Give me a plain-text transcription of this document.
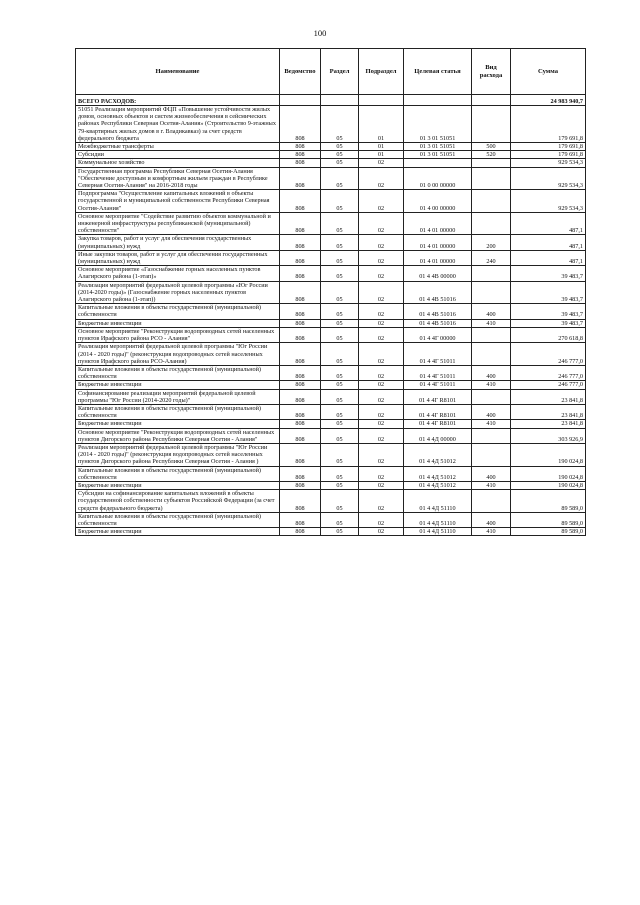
100
Наименование	Ведомство	Раздел	Подраздел	Целевая статья	Вид расхода	Сумма
ВСЕГО РАСХОДОВ:						24 983 940,7
51051 Реализация мероприятий ФЦП «Повышение устойчивости жилых домов, основных объектов и систем жизнеобеспечения в сейсмических районах Республики Северная Осетия-Алания» (Строительство 9-этажных 79-квартирных жилых домов в г. Владикавказ) за счет средств федерального бюджета	808	05	01	01 3 01 51051		179 691,8
Межбюджетные трансферты	808	05	01	01 3 01 51051	500	179 691,8
Субсидии	808	05	01	01 3 01 51051	520	179 691,8
Коммунальное хозяйство	808	05	02			929 534,3
Государственная программа Республики Северная Осетия-Алания "Обеспечение доступным и комфортным жильем граждан в Республике Северная Осетия-Алания" на 2016-2018 годы	808	05	02	01 0 00 00000		929 534,3
Подпрограмма "Осуществление капитальных вложений в объекты государственной и муниципальной собственности Республики Северная Осетия-Алания"	808	05	02	01 4 00 00000		929 534,3
Основное мероприятие "Содействие развитию объектов коммунальной и инженерной инфраструктуры республиканской (муниципальной) собственности"	808	05	02	01 4 01 00000		487,1
Закупка товаров, работ и услуг для обеспечения государственных (муниципальных) нужд	808	05	02	01 4 01 00000	200	487,1
Иные закупки товаров, работ и услуг для обеспечения государственных (муниципальных) нужд	808	05	02	01 4 01 00000	240	487,1
Основное мероприятие «Газоснабжение горных населенных пунктов Алагирского района (1-этап)»	808	05	02	01 4 4В 00000		39 483,7
Реализация мероприятий федеральной целевой программы «Юг России (2014-2020 годы)» (Газоснабжение горных населенных пунктов Алагирского района (1-этап))	808	05	02	01 4 4В 51016		39 483,7
Капитальные вложения в объекты государственной (муниципальной) собственности	808	05	02	01 4 4В 51016	400	39 483,7
Бюджетные инвестиции	808	05	02	01 4 4В 51016	410	39 483,7
Основное мероприятие "Реконструкция водопроводных сетей населенных пунктов Ирафского района РСО - Алания"	808	05	02	01 4 4Г 00000		270 618,8
Реализация мероприятий федеральной целевой программы "Юг России (2014 - 2020 годы)" (реконструкция водопроводных сетей населенных пунктов Ирафского района РСО-Алания)	808	05	02	01 4 4Г 51011		246 777,0
Капитальные вложения в объекты государственной (муниципальной) собственности	808	05	02	01 4 4Г 51011	400	246 777,0
Бюджетные инвестиции	808	05	02	01 4 4Г 51011	410	246 777,0
Софинансирование реализации мероприятий федеральной целевой программы "Юг России (2014-2020 годы)"	808	05	02	01 4 4Г R8101		23 841,8
Капитальные вложения в объекты государственной (муниципальной) собственности	808	05	02	01 4 4Г R8101	400	23 841,8
Бюджетные инвестиции	808	05	02	01 4 4Г R8101	410	23 841,8
Основное мероприятие "Реконструкция водопроводных сетей населенных пунктов Дигорского района Республики Северная Осетия - Алания"	808	05	02	01 4 4Д 00000		303 926,9
Реализация мероприятий федеральной целевой программы "Юг России (2014 - 2020 годы)" (реконструкция водопроводных сетей населенных пунктов Дигорского района Республики Северная Осетия - Алания )	808	05	02	01 4 4Д 51012		190 024,8
Капитальные вложения в объекты государственной (муниципальной) собственности	808	05	02	01 4 4Д 51012	400	190 024,8
Бюджетные инвестиции	808	05	02	01 4 4Д 51012	410	190 024,8
Субсидии на софинансирование капитальных вложений в объекты государственной собственности субъектов Российской Федерации (за счет средств федерального бюджета)	808	05	02	01 4 4Д 51110		89 589,0
Капитальные вложения в объекты государственной (муниципальной) собственности	808	05	02	01 4 4Д 51110	400	89 589,0
Бюджетные инвестиции	808	05	02	01 4 4Д 51110	410	89 589,0
